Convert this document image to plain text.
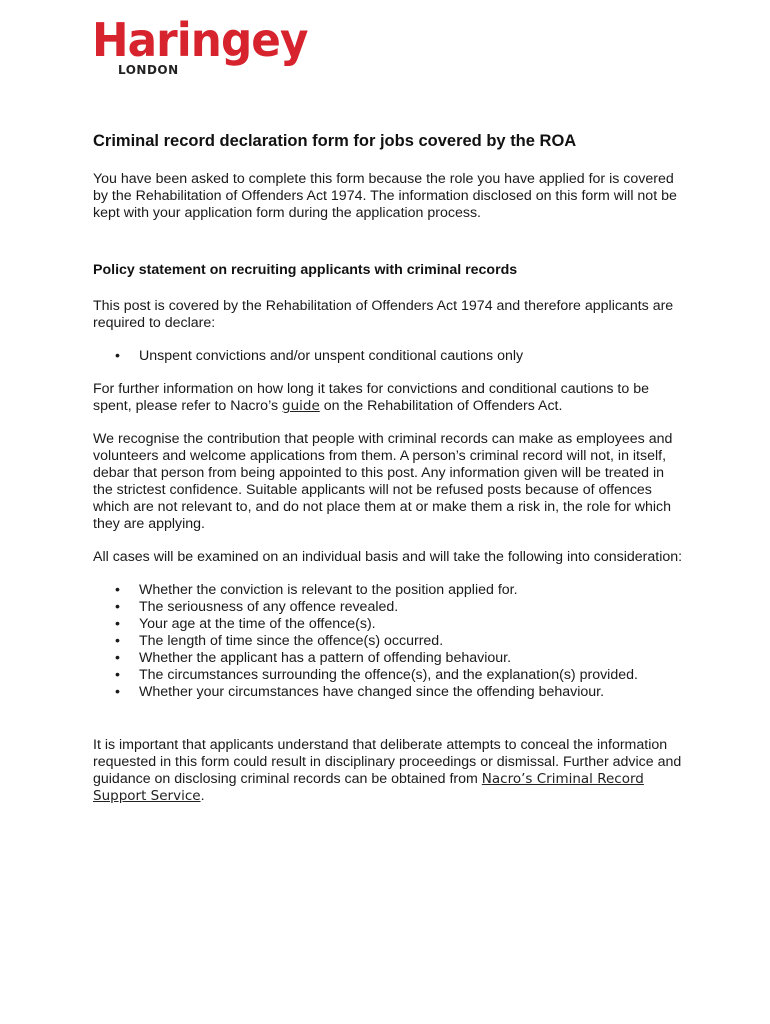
Haringey
LONDON
Criminal record declaration form for jobs covered by the ROA

You have been asked to complete this form because the role you have applied for is covered by the Rehabilitation of Offenders Act 1974. The information disclosed on this form will not be kept with your application form during the application process.

Policy statement on recruiting applicants with criminal records

This post is covered by the Rehabilitation of Offenders Act 1974 and therefore applicants are required to declare:

• Unspent convictions and/or unspent conditional cautions only

For further information on how long it takes for convictions and conditional cautions to be spent, please refer to Nacro’s guide on the Rehabilitation of Offenders Act.

We recognise the contribution that people with criminal records can make as employees and volunteers and welcome applications from them. A person’s criminal record will not, in itself, debar that person from being appointed to this post. Any information given will be treated in the strictest confidence. Suitable applicants will not be refused posts because of offences which are not relevant to, and do not place them at or make them a risk in, the role for which they are applying.

All cases will be examined on an individual basis and will take the following into consideration:

• Whether the conviction is relevant to the position applied for.
• The seriousness of any offence revealed.
• Your age at the time of the offence(s).
• The length of time since the offence(s) occurred.
• Whether the applicant has a pattern of offending behaviour.
• The circumstances surrounding the offence(s), and the explanation(s) provided.
• Whether your circumstances have changed since the offending behaviour.

It is important that applicants understand that deliberate attempts to conceal the information requested in this form could result in disciplinary proceedings or dismissal. Further advice and guidance on disclosing criminal records can be obtained from Nacro’s Criminal Record Support Service.
